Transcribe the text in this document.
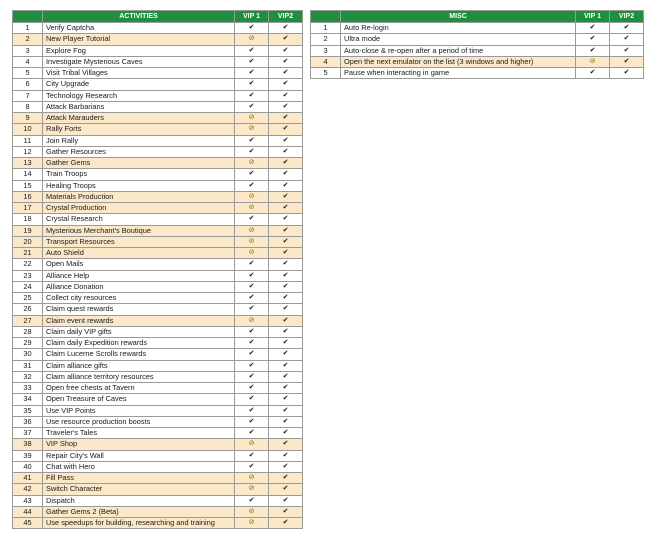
	ACTIVITIES	VIP 1	VIP2
1	Verify Captcha	✔	✔
2	New Player Tutorial	⊘	✔
3	Explore Fog	✔	✔
4	Investigate Mysterious Caves	✔	✔
5	Visit Tribal Villages	✔	✔
6	City Upgrade	✔	✔
7	Technology Research	✔	✔
8	Attack Barbarians	✔	✔
9	Attack Marauders	⊘	✔
10	Rally Forts	⊘	✔
11	Join Rally	✔	✔
12	Gather Resources	✔	✔
13	Gather Gems	⊘	✔
14	Train Troops	✔	✔
15	Healing Troops	✔	✔
16	Materials Production	⊘	✔
17	Crystal Production	⊘	✔
18	Crystal Research	✔	✔
19	Mysterious Merchant's Boutique	⊘	✔
20	Transport Resources	⊘	✔
21	Auto Shield	⊘	✔
22	Open Mails	✔	✔
23	Alliance Help	✔	✔
24	Alliance Donation	✔	✔
25	Collect city resources	✔	✔
26	Claim quest rewards	✔	✔
27	Claim event rewards	⊘	✔
28	Claim daily VIP gifts	✔	✔
29	Claim daily Expedition rewards	✔	✔
30	Claim Lucerne Scrolls rewards	✔	✔
31	Claim alliance gifts	✔	✔
32	Claim alliance territory resources	✔	✔
33	Open free chests at Tavern	✔	✔
34	Open Treasure of Caves	✔	✔
35	Use VIP Points	✔	✔
36	Use resource production boosts	✔	✔
37	Traveler's Tales	✔	✔
38	VIP Shop	⊘	✔
39	Repair City's Wall	✔	✔
40	Chat with Hero	✔	✔
41	Fill Pass	⊘	✔
42	Switch Character	⊘	✔
43	Dispatch	✔	✔
44	Gather Gems 2 (Beta)	⊘	✔
45	Use speedups for building, researching and training	⊘	✔
	MISC	VIP 1	VIP2
1	Auto Re-login	✔	✔
2	Ultra mode	✔	✔
3	Auto-close & re-open after a period of time	✔	✔
4	Open the next emulator on the list (3 windows and higher)	⊘	✔
5	Pause when interacting in game	✔	✔
